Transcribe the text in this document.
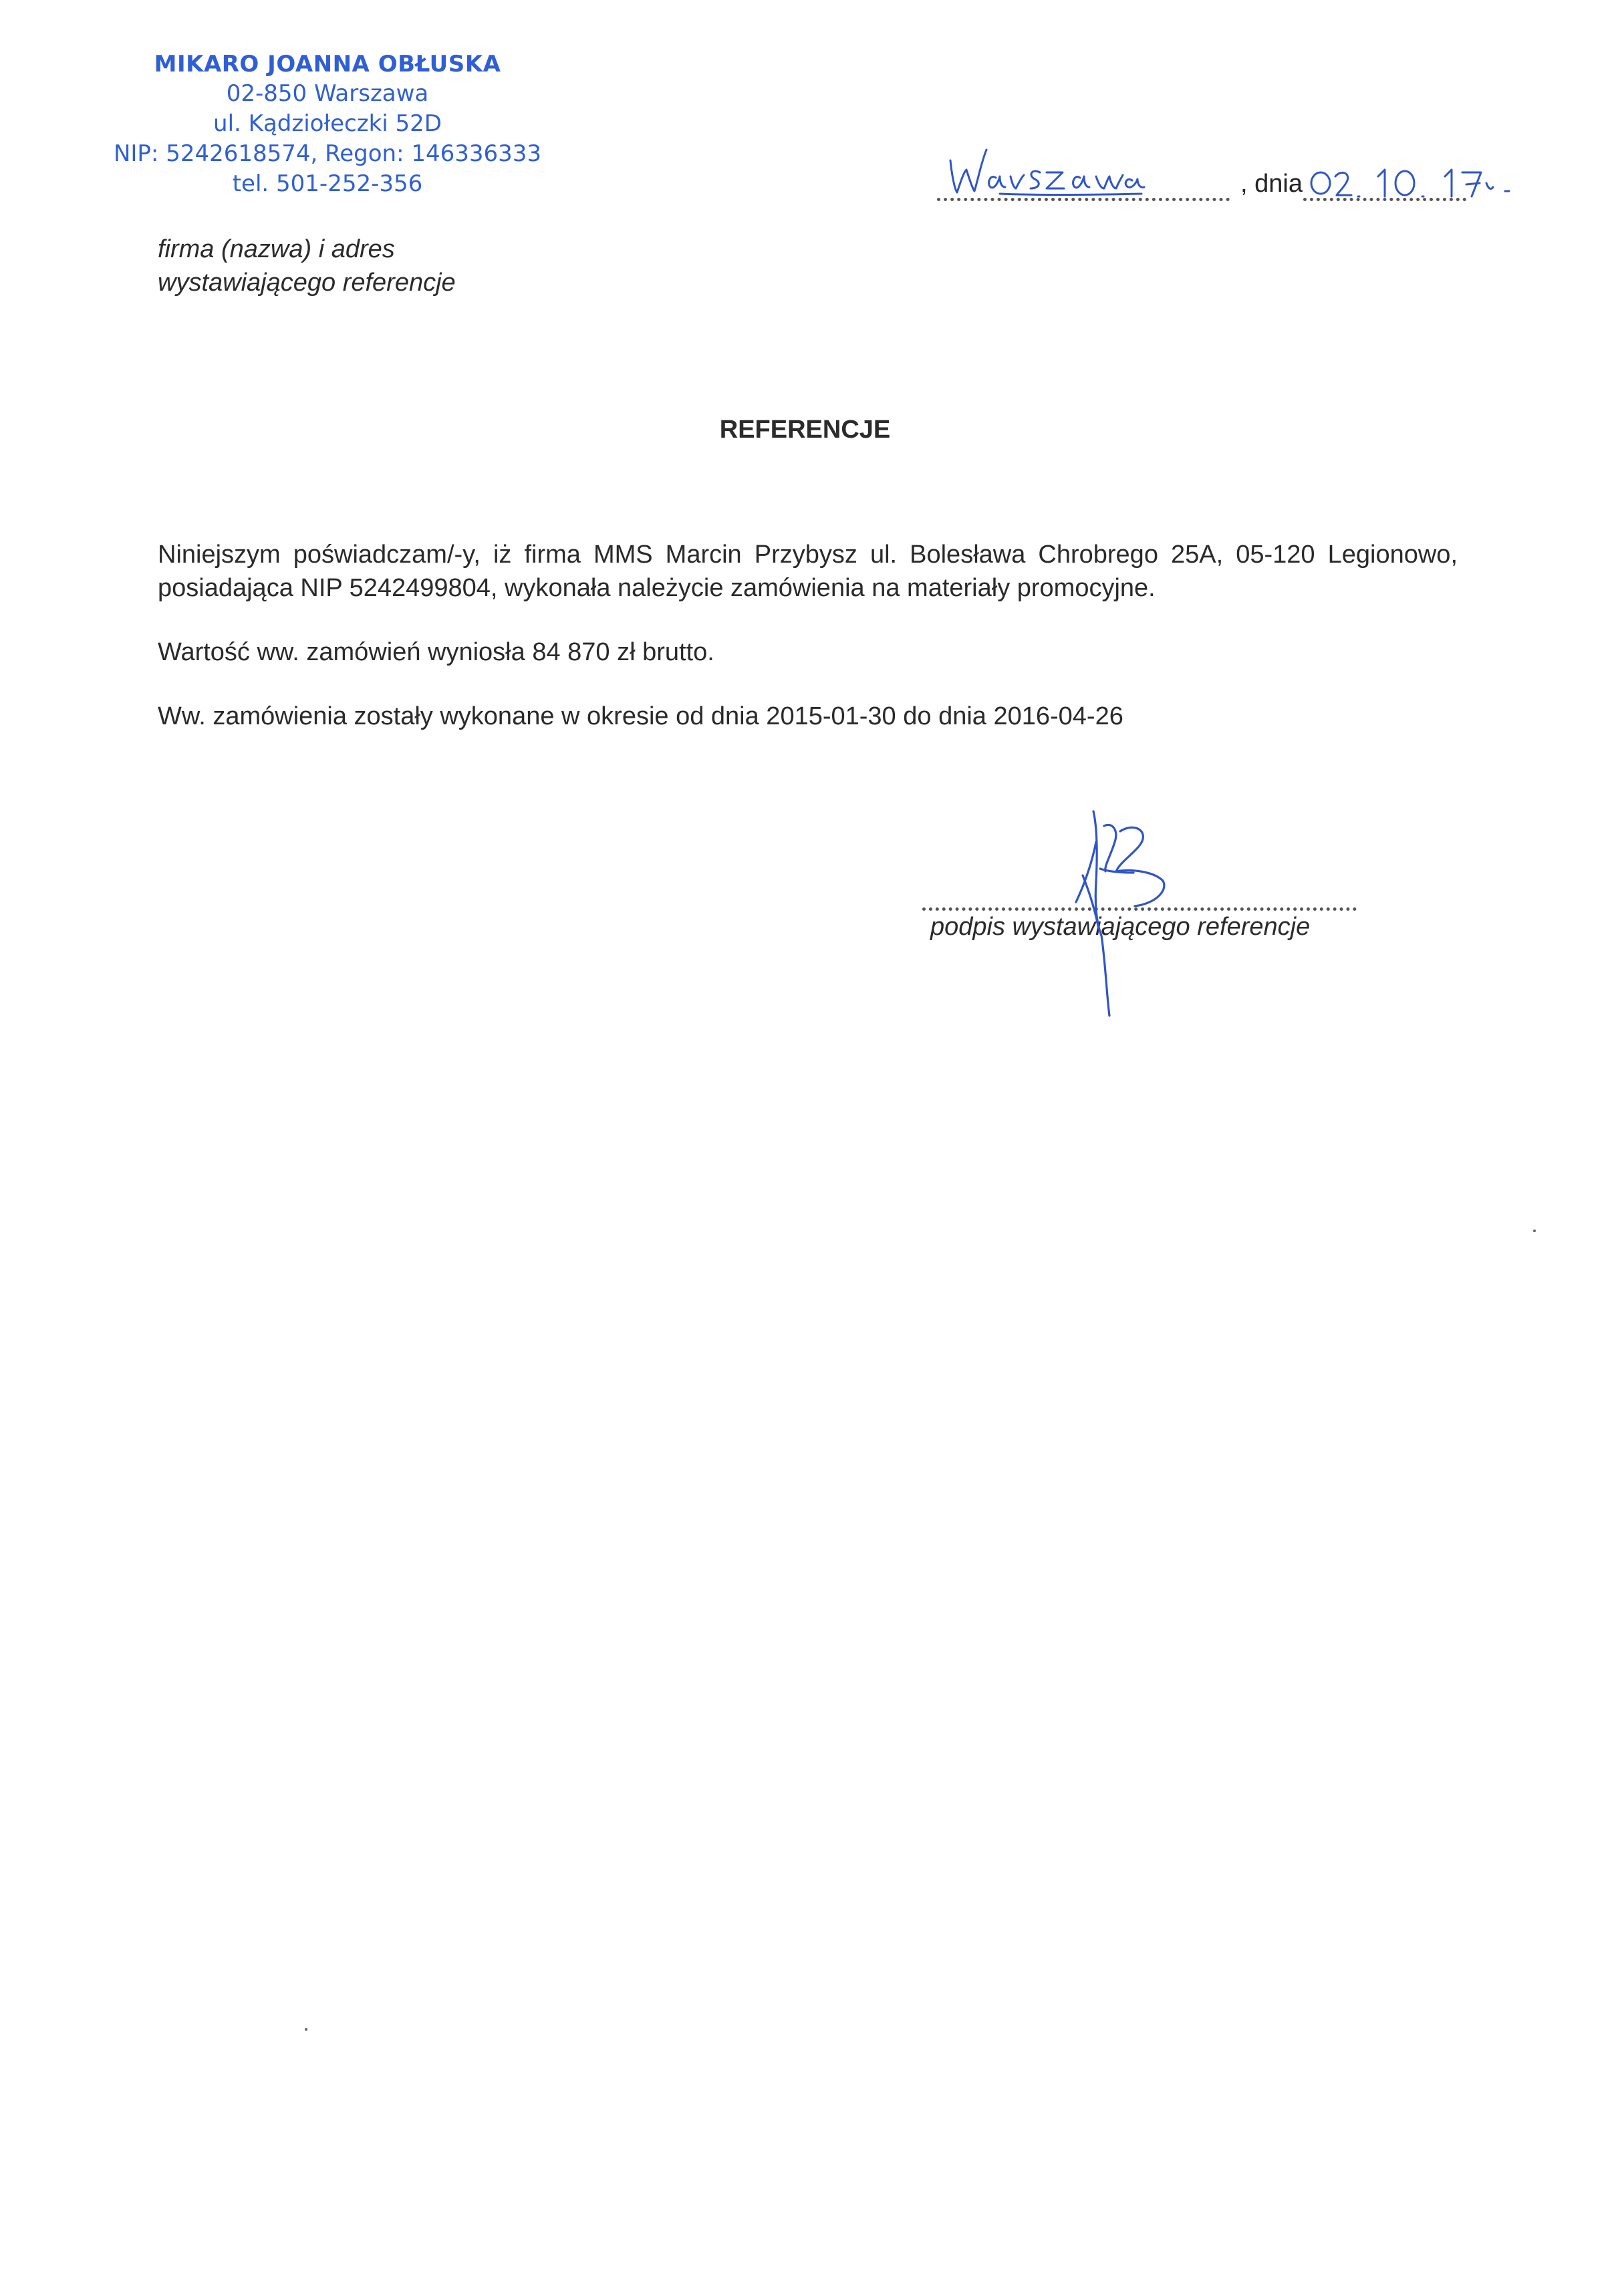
MIKARO JOANNA OBŁUSKA
02-850 Warszawa
ul. Kądziołeczki 52D
NIP: 5242618574, Regon: 146336333
tel. 501-252-356
firma (nazwa) i adres
wystawiającego referencje
, dnia
REFERENCJE
Niniejszym poświadczam/-y, iż firma MMS Marcin Przybysz ul. Bolesława Chrobrego 25A, 05-120 Legionowo, posiadająca NIP 5242499804, wykonała należycie zamówienia na materiały promocyjne.
Wartość ww. zamówień wyniosła 84 870 zł brutto.
Ww. zamówienia zostały wykonane w okresie od dnia 2015-01-30 do dnia 2016-04-26
podpis wystawiającego referencje
